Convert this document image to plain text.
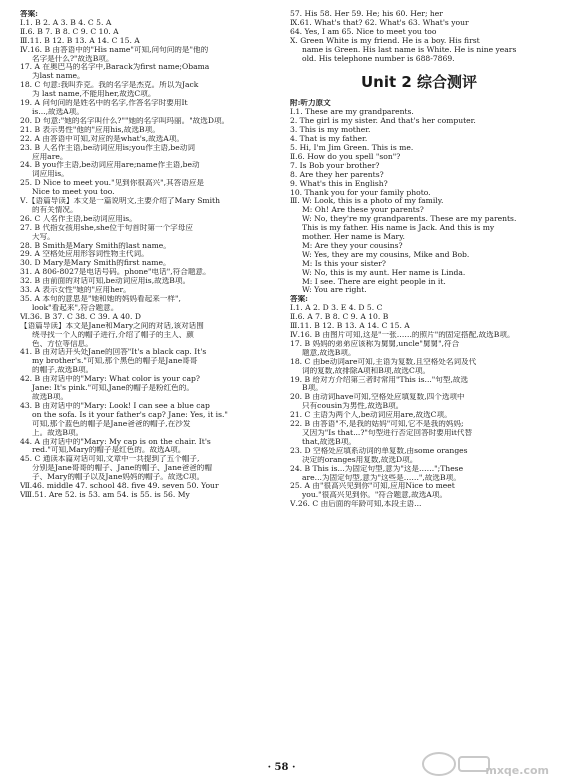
答案:
Ⅰ.1. B 2. A 3. B 4. C 5. A
Ⅱ.6. B 7. B 8. C 9. C 10. A
Ⅲ.11. B 12. B 13. A 14. C 15. A
Ⅳ.16. B 由答语中的"His name"可知,问句问的是"他的
名字是什么?"故选B项。
17. A 在奥巴马的名字中,Barack为first name;Obama
为last name。
18. C 句意:我叫乔克。我的名字是杰克。所以为Jack
为 last name,不能用her,故选C项。
19. A 问句问的是姓名中的名字,作答名字时要用It
is...,故选A项。
20. D 句意:"她的名字叫什么?""她的名字叫玛丽。"故选D项。
21. B 表示男性"他的"应用his,故选B项。
22. A 由答语中可知,对应的是what's,故选A项。
23. B 人名作主语,be动词应用is;you作主语,be动词
应用are。
24. B you作主语,be动词应用are;name作主语,be动
词应用is。
25. D Nice to meet you."见到你很高兴",其答语应是
Nice to meet you too.
Ⅴ.【语篇导读】本文是一篇说明文,主要介绍了Mary Smith
的有关情况。
26. C 人名作主语,be动词应用is。
27. B 代指女孩用she,she位于句首时第一个字母应
大写。
28. B Smith是Mary Smith的last name。
29. A 空格处应用形容词性物主代词。
30. D Mary是Mary Smith的first name。
31. A 806-8027是电话号码。phone"电话",符合题意。
32. B 由前面的对话可知,be动词应用is,故选B项。
33. A 表示女性"她的"应用her。
35. A 本句的意思是"她和她的妈妈看起来一样",
look"看起来",符合题意。
Ⅵ.36. B 37. C 38. C 39. A 40. D
【语篇导读】本文是Jane和Mary之间的对话,该对话围
绕寻找一个人的帽子进行,介绍了帽子的主人、颜
色、方位等信息。
41. B 由对话开头处Jane的回答"It's a black cap. It's
my brother's."可知,那个黑色的帽子是Jane哥哥
的帽子,故选B项。
42. B 由对话中的"Mary: What color is your cap?
Jane: It's pink."可知,Jane的帽子是粉红色的。
故选B项。
43. B 由对话中的"Mary: Look! I can see a blue cap
on the sofa. Is it your father's cap? Jane: Yes, it is."
可知,那个蓝色的帽子是Jane爸爸的帽子,在沙发
上。故选B项。
44. A 由对话中的"Mary: My cap is on the chair. It's
red."可知,Mary的帽子是红色的。故选A项。
45. C 通读本篇对话可知,文章中一共提到了五个帽子,
分别是Jane哥哥的帽子、Jane的帽子、Jane爸爸的帽
子、Mary的帽子以及Jane妈妈的帽子。故选C项。
Ⅶ.46. middle 47. school 48. five 49. seven 50. Your
Ⅷ.51. Are 52. is 53. am 54. is 55. is 56. My
57. His 58. Her 59. He; his 60. Her; her
Ⅸ.61. What's that? 62. What's 63. What's your
64. Yes, I am 65. Nice to meet you too
Ⅹ. Green White is my friend. He is a boy. His first
name is Green. His last name is White. He is nine years
old. His telephone number is 688-7869.
Unit 2 综合测评
附:听力原文
Ⅰ.1. These are my grandparents.
2. The girl is my sister. And that's her computer.
3. This is my mother.
4. That is my father.
5. Hi, I'm Jim Green. This is me.
Ⅱ.6. How do you spell "son"?
7. Is Bob your brother?
8. Are they her parents?
9. What's this in English?
10. Thank you for your family photo.
Ⅲ. W: Look, this is a photo of my family.
M: Oh! Are these your parents?
W: No, they're my grandparents. These are my parents.
This is my father. His name is Jack. And this is my
mother. Her name is Mary.
M: Are they your cousins?
W: Yes, they are my cousins, Mike and Bob.
M: Is this your sister?
W: No, this is my aunt. Her name is Linda.
M: I see. There are eight people in it.
W: You are right.
答案:
Ⅰ.1. A 2. D 3. E 4. D 5. C
Ⅱ.6. A 7. B 8. C 9. A 10. B
Ⅲ.11. B 12. B 13. A 14. C 15. A
Ⅳ.16. B 由图片可知,这是"一张……的照片"的固定搭配,故选B项。
17. B 妈妈的弟弟应该称为舅舅,uncle"舅舅",符合
题意,故选B项。
18. C 由be动词are可知,主语为复数,且空格处名词及代
词的复数,故排除A项和B项,故选C项。
19. B 给对方介绍第三者时常用"This is..."句型,故选
B项。
20. B 由动词have可知,空格处应填复数,四个选项中
只有cousin为男性,故选B项。
21. C 主语为两个人,be动词应用are,故选C项。
22. B 由答语"不,是我的姑妈"可知,它不是我的妈妈;
又因为"Is that...?"句型进行否定回答时要用it代替
that,故选B项。
23. D 空格处应填系动词的单复数,由some oranges
决定的oranges用复数,故选D项。
24. B This is...为固定句型,意为"这是……";These
are...为固定句型,意为"这些是……",故选B项。
25. A 由"很高兴见到你"可知,应用Nice to meet
you."很高兴见到你。"符合题意,故选A项。
Ⅴ.26. C 由后面的年龄可知,本段主语...
· 58 ·	mxqe.com
